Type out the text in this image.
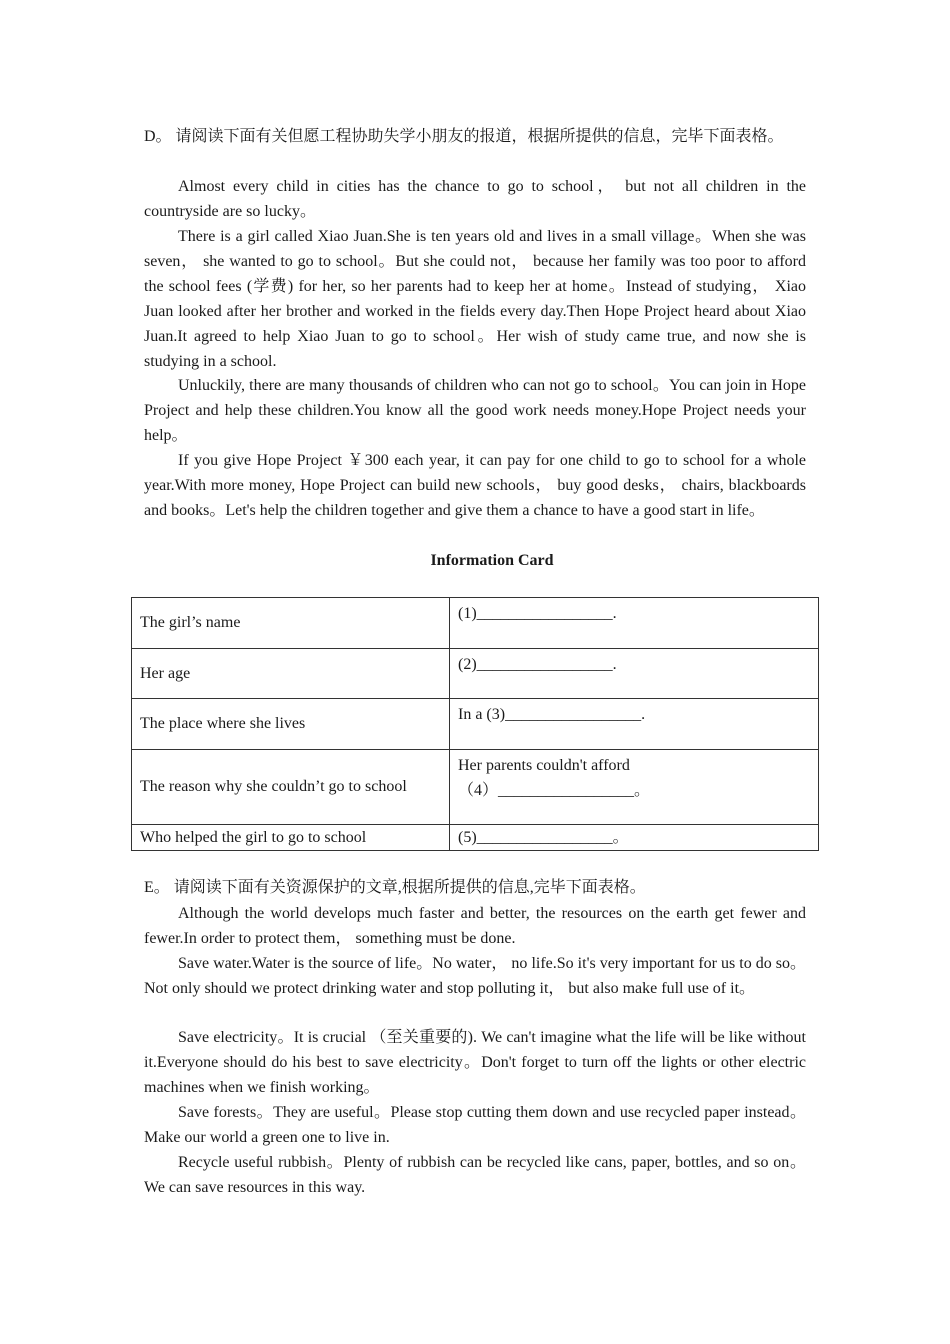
D。 请阅读下面有关但愿工程协助失学小朋友的报道，根据所提供的信息，完毕下面表格。

Almost every child in cities has the chance to go to school， but not all children in the countryside are so lucky。

There is a girl called Xiao Juan.She is ten years old and lives in a small village。When she was seven， she wanted to go to school。But she could not， because her family was too poor to afford the school fees (学费) for her, so her parents had to keep her at home。Instead of studying， Xiao Juan looked after her brother and worked in the fields every day.Then Hope Project heard about Xiao Juan.It agreed to help Xiao Juan to go to school。Her wish of study came true, and now she is studying in a school.

Unluckily, there are many thousands of children who can not go to school。You can join in Hope Project and help these children.You know all the good work needs money.Hope Project needs your help。

If you give Hope Project ￥300 each year, it can pay for one child to go to school for a whole year.With more money, Hope Project can build new schools， buy good desks， chairs, blackboards and books。Let's help the children together and give them a chance to have a good start in life。

Information Card
The girl’s name	(1)_________________.
Her age	(2)_________________.
The place where she lives	In a (3)_________________.
The reason why she couldn’t go to school	Her parents couldn't afford
（4）_________________。

Who helped the girl to go to school	(5)_________________。
E。 请阅读下面有关资源保护的文章,根据所提供的信息,完毕下面表格。

Although the world develops much faster and better, the resources on the earth get fewer and fewer.In order to protect them， something must be done.

Save water.Water is the source of life。No water， no life.So it's very important for us to do so。Not only should we protect drinking water and stop polluting it， but also make full use of it。

Save electricity。It is crucial （至关重要的). We can't imagine what the life will be like without it.Everyone should do his best to save electricity。Don't forget to turn off the lights or other electric machines when we finish working。

Save forests。They are useful。Please stop cutting them down and use recycled paper instead。Make our world a green one to live in.

Recycle useful rubbish。Plenty of rubbish can be recycled like cans, paper, bottles, and so on。We can save resources in this way.
